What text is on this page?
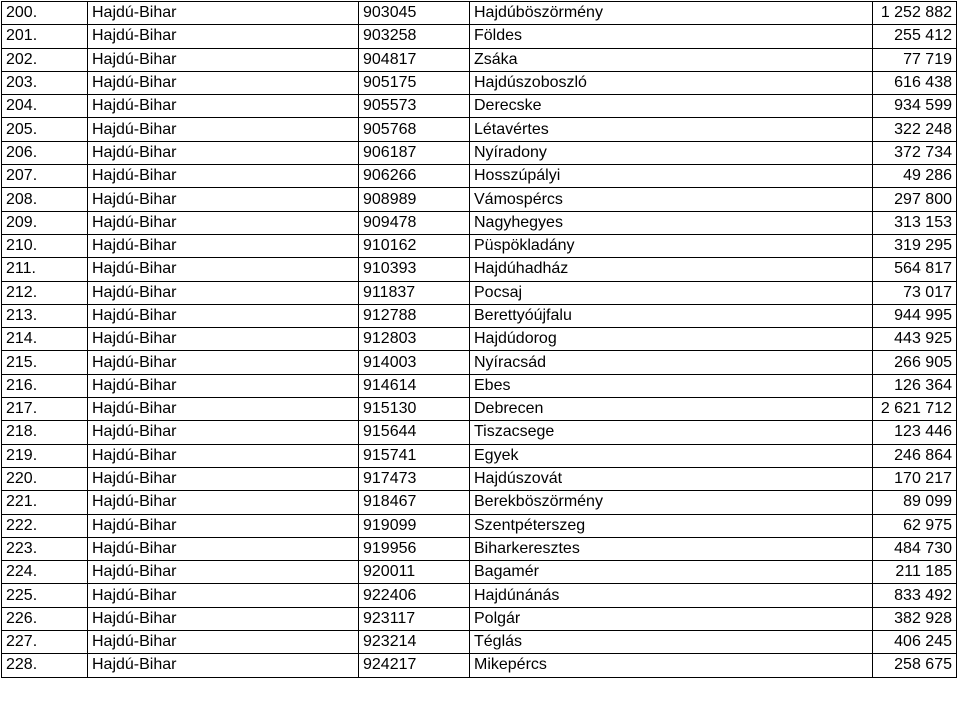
200.	Hajdú-Bihar	903045	Hajdúböszörmény	1 252 882
201.	Hajdú-Bihar	903258	Földes	255 412
202.	Hajdú-Bihar	904817	Zsáka	77 719
203.	Hajdú-Bihar	905175	Hajdúszoboszló	616 438
204.	Hajdú-Bihar	905573	Derecske	934 599
205.	Hajdú-Bihar	905768	Létavértes	322 248
206.	Hajdú-Bihar	906187	Nyíradony	372 734
207.	Hajdú-Bihar	906266	Hosszúpályi	49 286
208.	Hajdú-Bihar	908989	Vámospércs	297 800
209.	Hajdú-Bihar	909478	Nagyhegyes	313 153
210.	Hajdú-Bihar	910162	Püspökladány	319 295
211.	Hajdú-Bihar	910393	Hajdúhadház	564 817
212.	Hajdú-Bihar	911837	Pocsaj	73 017
213.	Hajdú-Bihar	912788	Berettyóújfalu	944 995
214.	Hajdú-Bihar	912803	Hajdúdorog	443 925
215.	Hajdú-Bihar	914003	Nyíracsád	266 905
216.	Hajdú-Bihar	914614	Ebes	126 364
217.	Hajdú-Bihar	915130	Debrecen	2 621 712
218.	Hajdú-Bihar	915644	Tiszacsege	123 446
219.	Hajdú-Bihar	915741	Egyek	246 864
220.	Hajdú-Bihar	917473	Hajdúszovát	170 217
221.	Hajdú-Bihar	918467	Berekböszörmény	89 099
222.	Hajdú-Bihar	919099	Szentpéterszeg	62 975
223.	Hajdú-Bihar	919956	Biharkeresztes	484 730
224.	Hajdú-Bihar	920011	Bagamér	211 185
225.	Hajdú-Bihar	922406	Hajdúnánás	833 492
226.	Hajdú-Bihar	923117	Polgár	382 928
227.	Hajdú-Bihar	923214	Téglás	406 245
228.	Hajdú-Bihar	924217	Mikepércs	258 675
